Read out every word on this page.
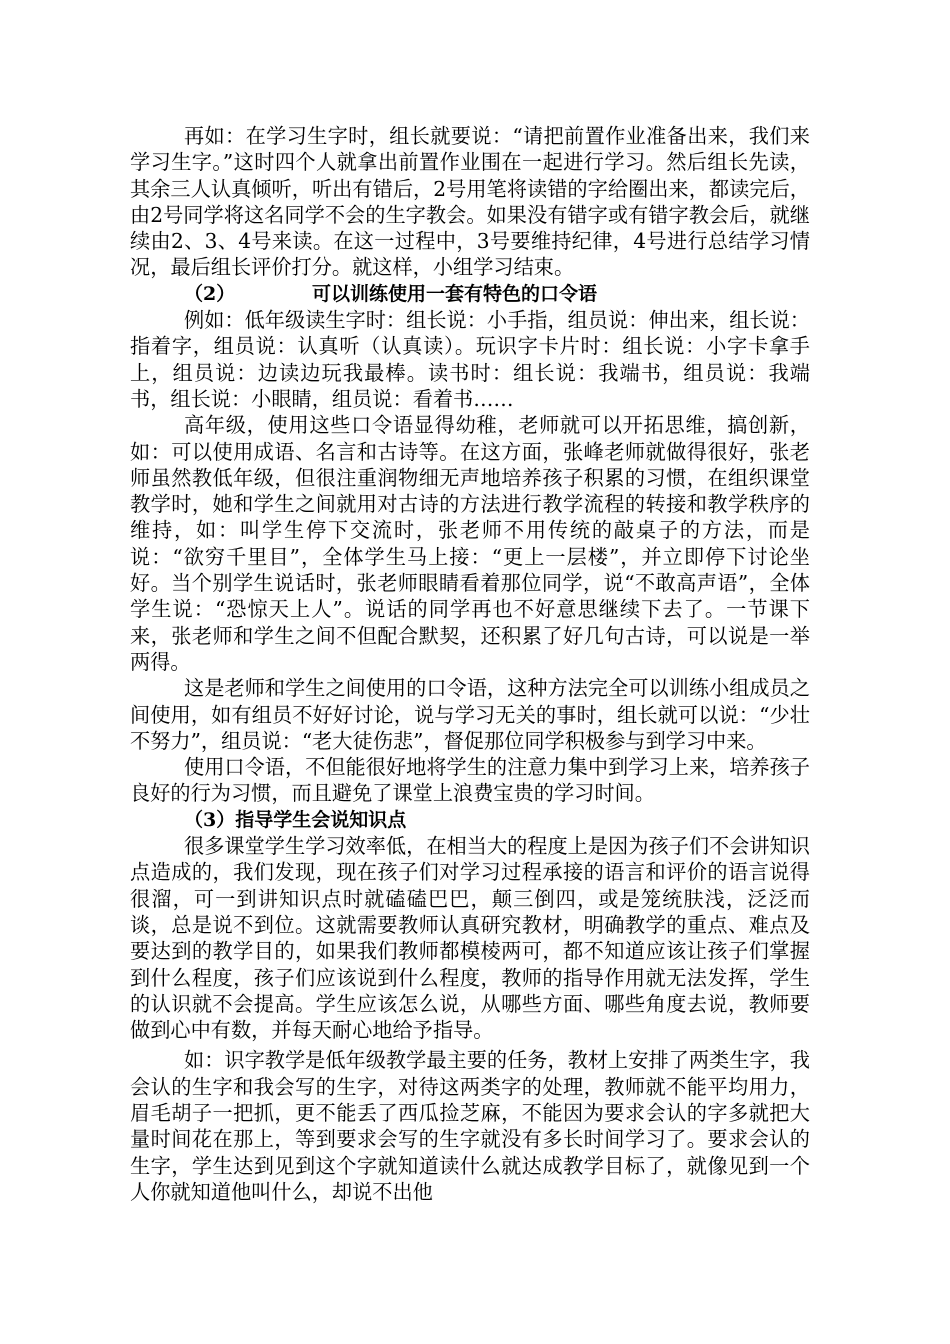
再如：在学习生字时，组长就要说：“请把前置作业准备出来，我们来学习生字。”这时四个人就拿出前置作业围在一起进行学习。然后组长先读，其余三人认真倾听，听出有错后，2号用笔将读错的字给圈出来，都读完后，由2号同学将这名同学不会的生字教会。如果没有错字或有错字教会后，就继续由2、3、4号来读。在这一过程中，3号要维持纪律，4号进行总结学习情况，最后组长评价打分。就这样，小组学习结束。

（2）	可以训练使用一套有特色的口令语

例如：低年级读生字时：组长说：小手指，组员说：伸出来，组长说：指着字，组员说：认真听（认真读）。玩识字卡片时：组长说：小字卡拿手上，组员说：边读边玩我最棒。读书时：组长说：我端书，组员说：我端书，组长说：小眼睛，组员说：看着书……

高年级，使用这些口令语显得幼稚，老师就可以开拓思维，搞创新，如：可以使用成语、名言和古诗等。在这方面，张峰老师就做得很好，张老师虽然教低年级，但很注重润物细无声地培养孩子积累的习惯，在组织课堂教学时，她和学生之间就用对古诗的方法进行教学流程的转接和教学秩序的维持，如：叫学生停下交流时，张老师不用传统的敲桌子的方法，而是说：“欲穷千里目”，全体学生马上接：“更上一层楼”，并立即停下讨论坐好。当个别学生说话时，张老师眼睛看着那位同学，说“不敢高声语”，全体学生说：“恐惊天上人”。说话的同学再也不好意思继续下去了。一节课下来，张老师和学生之间不但配合默契，还积累了好几句古诗，可以说是一举两得。

这是老师和学生之间使用的口令语，这种方法完全可以训练小组成员之间使用，如有组员不好好讨论，说与学习无关的事时，组长就可以说：“少壮不努力”，组员说：“老大徒伤悲”，督促那位同学积极参与到学习中来。

使用口令语，不但能很好地将学生的注意力集中到学习上来，培养孩子良好的行为习惯，而且避免了课堂上浪费宝贵的学习时间。

（3）指导学生会说知识点

很多课堂学生学习效率低，在相当大的程度上是因为孩子们不会讲知识点造成的，我们发现，现在孩子们对学习过程承接的语言和评价的语言说得很溜，可一到讲知识点时就磕磕巴巴，颠三倒四，或是笼统肤浅，泛泛而谈，总是说不到位。这就需要教师认真研究教材，明确教学的重点、难点及要达到的教学目的，如果我们教师都模棱两可，都不知道应该让孩子们掌握到什么程度，孩子们应该说到什么程度，教师的指导作用就无法发挥，学生的认识就不会提高。学生应该怎么说，从哪些方面、哪些角度去说，教师要做到心中有数，并每天耐心地给予指导。

如：识字教学是低年级教学最主要的任务，教材上安排了两类生字，我会认的生字和我会写的生字，对待这两类字的处理，教师就不能平均用力，眉毛胡子一把抓，更不能丢了西瓜捡芝麻，不能因为要求会认的字多就把大量时间花在那上，等到要求会写的生字就没有多长时间学习了。要求会认的生字，学生达到见到这个字就知道读什么就达成教学目标了，就像见到一个人你就知道他叫什么，却说不出他
